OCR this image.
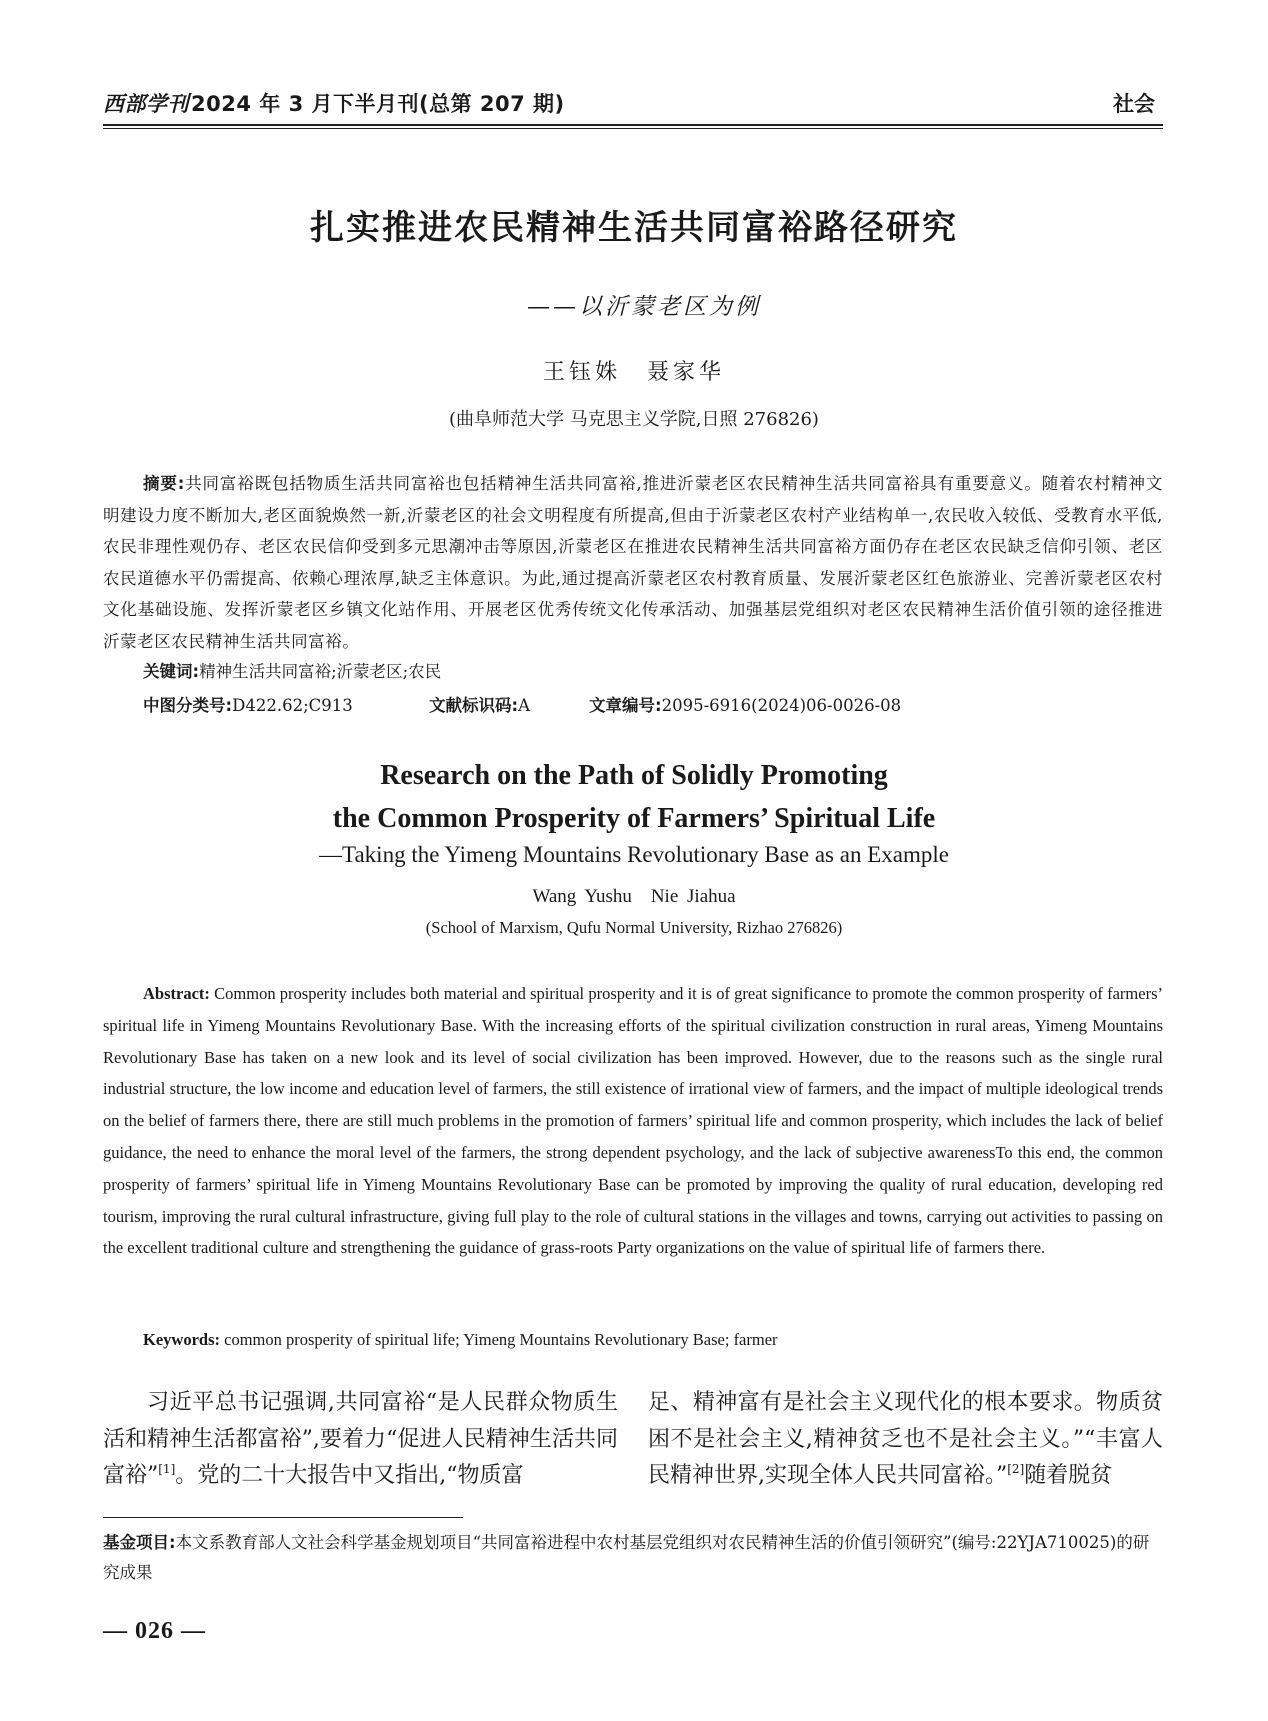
西部学刊2024 年 3 月下半月刊(总第 207 期)	社会
扎实推进农民精神生活共同富裕路径研究
——以沂蒙老区为例
王钰姝　聂家华
(曲阜师范大学 马克思主义学院,日照 276826)
摘要:共同富裕既包括物质生活共同富裕也包括精神生活共同富裕,推进沂蒙老区农民精神生活共同富裕具有重要意义。随着农村精神文明建设力度不断加大,老区面貌焕然一新,沂蒙老区的社会文明程度有所提高,但由于沂蒙老区农村产业结构单一,农民收入较低、受教育水平低,农民非理性观仍存、老区农民信仰受到多元思潮冲击等原因,沂蒙老区在推进农民精神生活共同富裕方面仍存在老区农民缺乏信仰引领、老区农民道德水平仍需提高、依赖心理浓厚,缺乏主体意识。为此,通过提高沂蒙老区农村教育质量、发展沂蒙老区红色旅游业、完善沂蒙老区农村文化基础设施、发挥沂蒙老区乡镇文化站作用、开展老区优秀传统文化传承活动、加强基层党组织对老区农民精神生活价值引领的途径推进沂蒙老区农民精神生活共同富裕。
关键词:精神生活共同富裕;沂蒙老区;农民
中图分类号:D422.62;C913	文献标识码:A	文章编号:2095-6916(2024)06-0026-08
Research on the Path of Solidly Promoting
the Common Prosperity of Farmers’ Spiritual Life
—Taking the Yimeng Mountains Revolutionary Base as an Example
Wang Yushu　Nie Jiahua
(School of Marxism, Qufu Normal University, Rizhao 276826)
Abstract: Common prosperity includes both material and spiritual prosperity and it is of great significance to promote the common prosperity of farmers’ spiritual life in Yimeng Mountains Revolutionary Base. With the increasing efforts of the spiritual civilization construction in rural areas, Yimeng Mountains Revolutionary Base has taken on a new look and its level of social civilization has been improved. However, due to the reasons such as the single rural industrial structure, the low income and education level of farmers, the still existence of irrational view of farmers, and the impact of multiple ideological trends on the belief of farmers there, there are still much problems in the promotion of farmers’ spiritual life and common prosperity, which includes the lack of belief guidance, the need to enhance the moral level of the farmers, the strong dependent psychology, and the lack of subjective awarenessTo this end, the common prosperity of farmers’ spiritual life in Yimeng Mountains Revolutionary Base can be promoted by improving the quality of rural education, developing red tourism, improving the rural cultural infrastructure, giving full play to the role of cultural stations in the villages and towns, carrying out activities to passing on the excellent traditional culture and strengthening the guidance of grass-roots Party organizations on the value of spiritual life of farmers there.
Keywords: common prosperity of spiritual life; Yimeng Mountains Revolutionary Base; farmer
习近平总书记强调,共同富裕“是人民群众物质生活和精神生活都富裕”,要着力“促进人民精神生活共同富裕”[1]。党的二十大报告中又指出,“物质富
足、精神富有是社会主义现代化的根本要求。物质贫困不是社会主义,精神贫乏也不是社会主义。”“丰富人民精神世界,实现全体人民共同富裕。”[2]随着脱贫
基金项目:本文系教育部人文社会科学基金规划项目“共同富裕进程中农村基层党组织对农民精神生活的价值引领研究”(编号:22YJA710025)的研究成果
— 026 —
